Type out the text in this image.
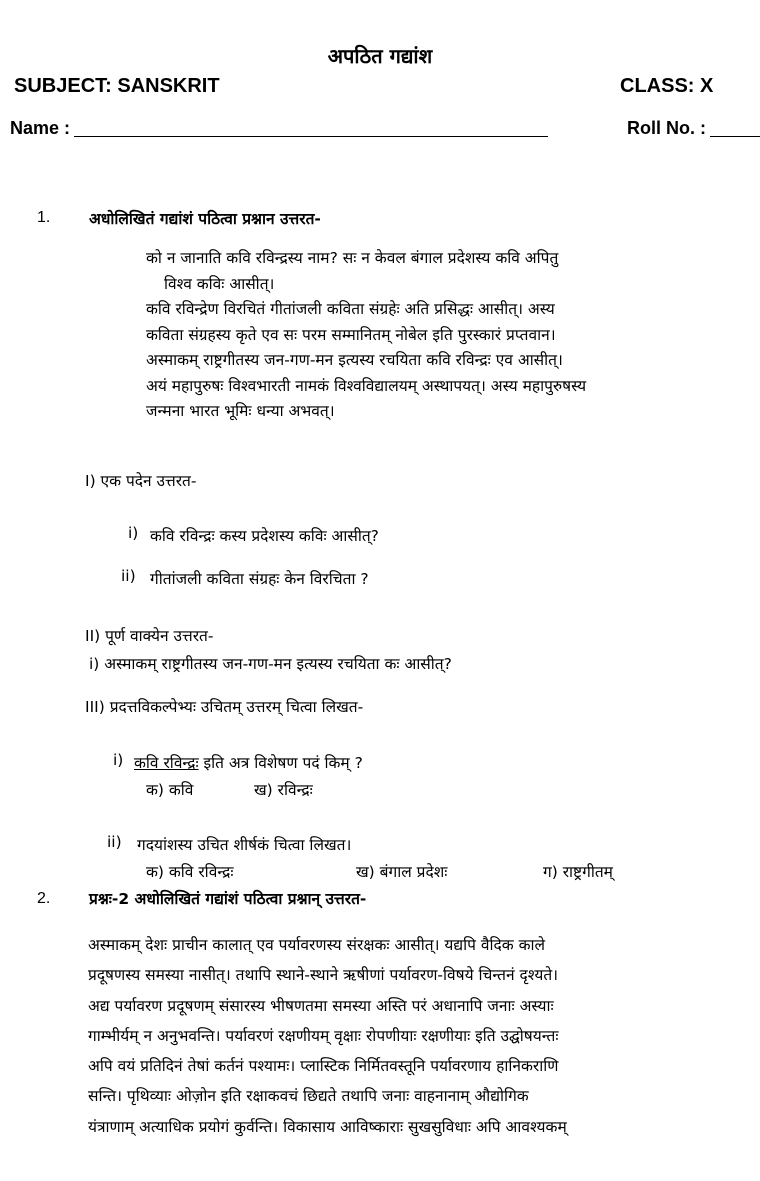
अपठित गद्यांश
SUBJECT: SANSKRIT	CLASS: X
Name :	Roll No. :
1. अधोलिखितं गद्यांशं पठित्वा प्रश्नान उत्तरत-

को न जानाति कवि रविन्द्रस्य नाम? सः न केवल बंगाल प्रदेशस्य कवि अपितु

विश्व कविः आसीत्।

कवि रविन्द्रेण विरचितं गीतांजली कविता संग्रहेः अति प्रसिद्धः आसीत्। अस्य

कविता संग्रहस्य कृते एव सः परम सम्मानितम् नोबेल इति पुरस्कारं प्रप्तवान।

अस्माकम् राष्ट्रगीतस्य जन-गण-मन इत्यस्य रचयिता कवि रविन्द्रः एव आसीत्।

अयं महापुरुषः विश्वभारती नामकं विश्वविद्यालयम् अस्थापयत्। अस्य महापुरुषस्य

जन्मना भारत भूमिः धन्या अभवत्।

I) एक पदेन उत्तरत-
i) कवि रविन्द्रः कस्य प्रदेशस्य कविः आसीत्?
ii) गीतांजली कविता संग्रहः केन विरचिता ?
II) पूर्ण वाक्येन उत्तरत-
i) अस्माकम् राष्ट्रगीतस्य जन-गण-मन इत्यस्य रचयिता कः आसीत्?
III) प्रदत्तविकल्पेभ्यः उचितम् उत्तरम् चित्वा लिखत-
i) कवि रविन्द्रः इति अत्र विशेषण पदं किम् ?
क) कवि	ख) रविन्द्रः
ii) गदयांशस्य उचित शीर्षकं चित्वा लिखत।
क) कवि रविन्द्रः	ख) बंगाल प्रदेशः	ग) राष्ट्रगीतम्
2. प्रश्नः-2 अधोलिखितं गद्यांशं पठित्वा प्रश्नान् उत्तरत-

अस्माकम् देशः प्राचीन कालात् एव पर्यावरणस्य संरक्षकः आसीत्। यद्यपि वैदिक काले

प्रदूषणस्य समस्या नासीत्। तथापि स्थाने-स्थाने ऋषीणां पर्यावरण-विषये चिन्तनं दृश्यते।

अद्य पर्यावरण प्रदूषणम् संसारस्य भीषणतमा समस्या अस्ति परं अधानापि जनाः अस्याः

गाम्भीर्यम् न अनुभवन्ति। पर्यावरणं रक्षणीयम् वृक्षाः रोपणीयाः रक्षणीयाः इति उद्घोषयन्तः

अपि वयं प्रतिदिनं तेषां कर्तनं पश्यामः। प्लास्टिक निर्मितवस्तूनि पर्यावरणाय हानिकराणि

सन्ति। पृथिव्याः ओज़ोन इति रक्षाकवचं छिद्यते तथापि जनाः वाहनानाम् औद्योगिक

यंत्राणाम् अत्याधिक प्रयोगं कुर्वन्ति। विकासाय आविष्काराः सुखसुविधाः अपि आवश्यकम्
